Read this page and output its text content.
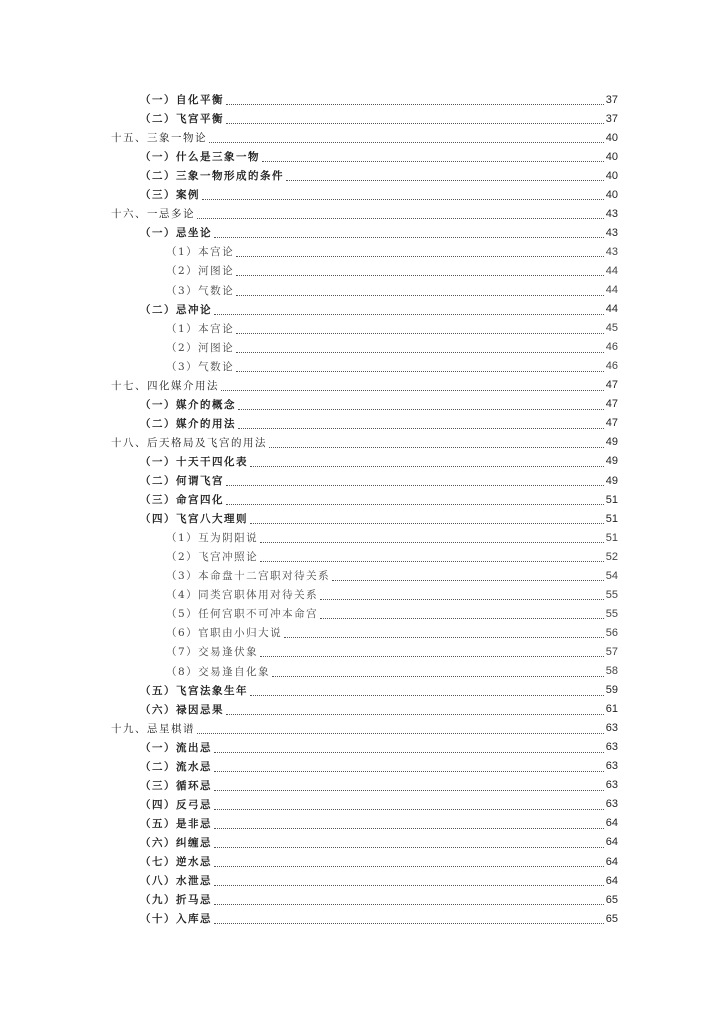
（一）自化平衡	37
（二）飞宫平衡	37
十五、三象一物论	40
（一）什么是三象一物	40
（二）三象一物形成的条件	40
（三）案例	40
十六、一忌多论	43
（一）忌坐论	43
（1）本宫论	43
（2）河图论	44
（3）气数论	44
（二）忌冲论	44
（1）本宫论	45
（2）河图论	46
（3）气数论	46
十七、四化媒介用法	47
（一）媒介的概念	47
（二）媒介的用法	47
十八、后天格局及飞宫的用法	49
（一）十天干四化表	49
（二）何谓飞宫	49
（三）命宫四化	51
（四）飞宫八大理则	51
（1）互为阴阳说	51
（2）飞宫冲照论	52
（3）本命盘十二宫职对待关系	54
（4）同类宫职体用对待关系	55
（5）任何宫职不可冲本命宫	55
（6）官职由小归大说	56
（7）交易逢伏象	57
（8）交易逢自化象	58
（五）飞宫法象生年	59
（六）禄因忌果	61
十九、忌星棋谱	63
（一）流出忌	63
（二）流水忌	63
（三）循环忌	63
（四）反弓忌	63
（五）是非忌	64
（六）纠缠忌	64
（七）逆水忌	64
（八）水泄忌	64
（九）折马忌	65
（十）入库忌	65
